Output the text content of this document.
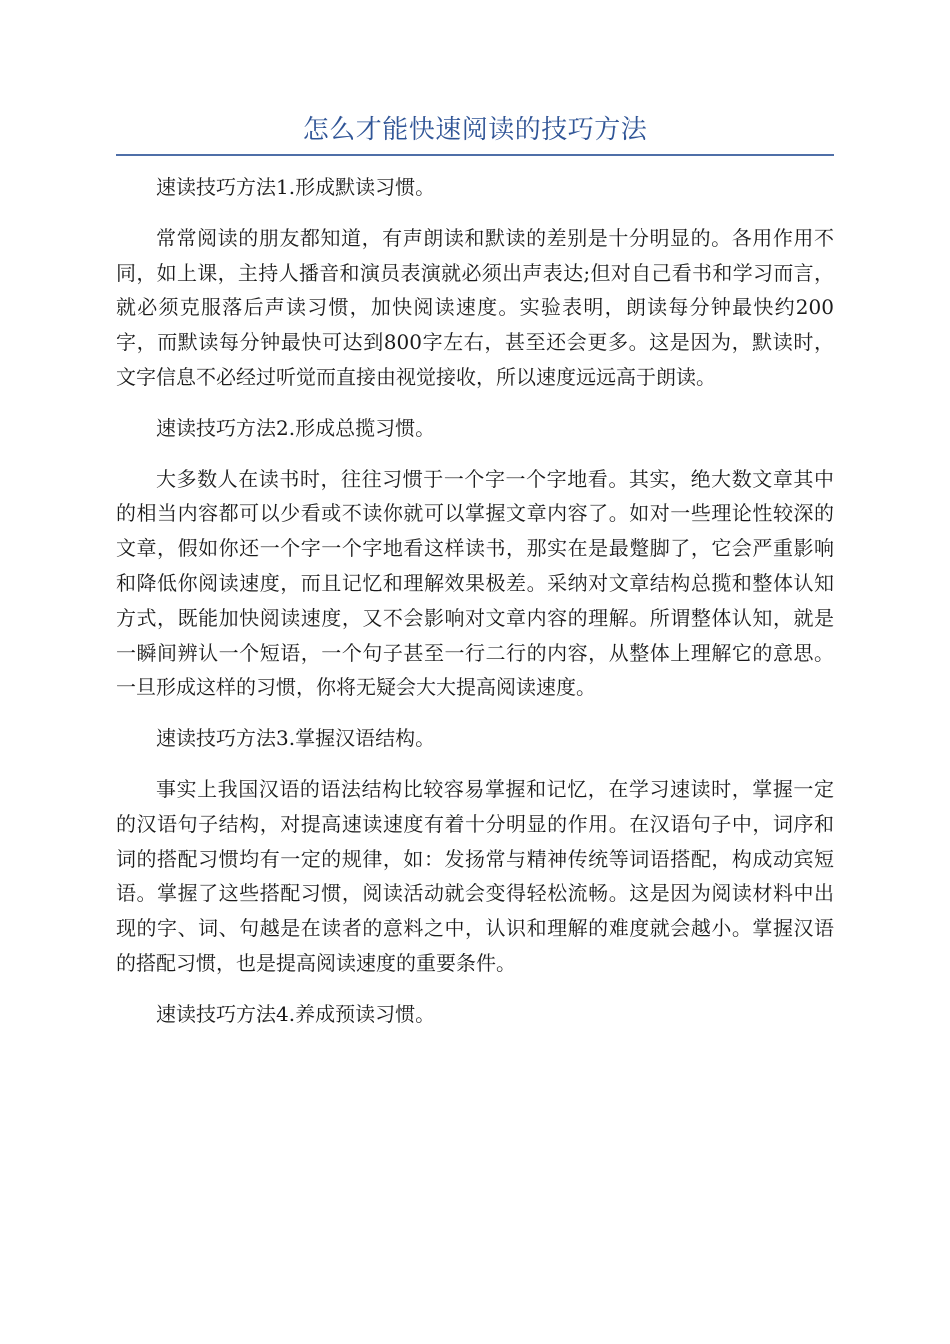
怎么才能快速阅读的技巧方法

速读技巧方法1.形成默读习惯。

常常阅读的朋友都知道，有声朗读和默读的差别是十分明显的。各用作用不同，如上课，主持人播音和演员表演就必须出声表达;但对自己看书和学习而言，就必须克服落后声读习惯，加快阅读速度。实验表明，朗读每分钟最快约200字，而默读每分钟最快可达到800字左右，甚至还会更多。这是因为，默读时，文字信息不必经过听觉而直接由视觉接收，所以速度远远高于朗读。

速读技巧方法2.形成总揽习惯。

大多数人在读书时，往往习惯于一个字一个字地看。其实，绝大数文章其中的相当内容都可以少看或不读你就可以掌握文章内容了。如对一些理论性较深的文章，假如你还一个字一个字地看这样读书，那实在是最蹩脚了，它会严重影响和降低你阅读速度，而且记忆和理解效果极差。采纳对文章结构总揽和整体认知方式，既能加快阅读速度，又不会影响对文章内容的理解。所谓整体认知，就是一瞬间辨认一个短语，一个句子甚至一行二行的内容，从整体上理解它的意思。一旦形成这样的习惯，你将无疑会大大提高阅读速度。

速读技巧方法3.掌握汉语结构。

事实上我国汉语的语法结构比较容易掌握和记忆，在学习速读时，掌握一定的汉语句子结构，对提高速读速度有着十分明显的作用。在汉语句子中，词序和词的搭配习惯均有一定的规律，如：发扬常与精神传统等词语搭配，构成动宾短语。掌握了这些搭配习惯，阅读活动就会变得轻松流畅。这是因为阅读材料中出现的字、词、句越是在读者的意料之中，认识和理解的难度就会越小。掌握汉语的搭配习惯，也是提高阅读速度的重要条件。

速读技巧方法4.养成预读习惯。
